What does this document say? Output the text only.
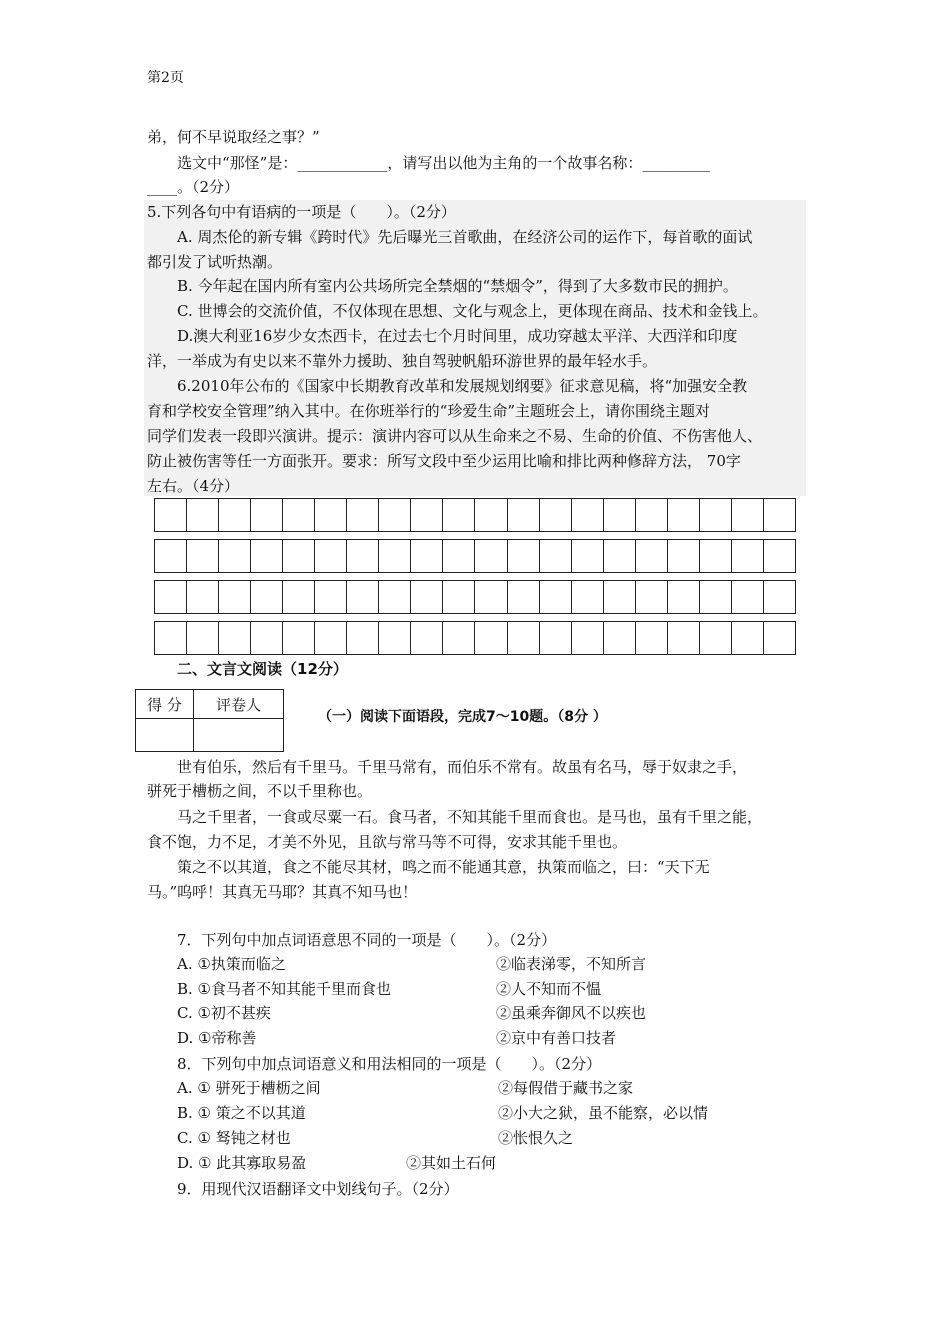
第2页
弟，何不早说取经之事？”
选文中“那怪”是：____________，请写出以他为主角的一个故事名称：_________
____。（2分）
5.下列各句中有语病的一项是（　　）。（2分）
A. 周杰伦的新专辑《跨时代》先后曝光三首歌曲，在经济公司的运作下，每首歌的面试
都引发了试听热潮。
B. 今年起在国内所有室内公共场所完全禁烟的“禁烟令”，得到了大多数市民的拥护。
C. 世博会的交流价值，不仅体现在思想、文化与观念上，更体现在商品、技术和金钱上。
D.澳大利亚16岁少女杰西卡，在过去七个月时间里，成功穿越太平洋、大西洋和印度
洋，一举成为有史以来不靠外力援助、独自驾驶帆船环游世界的最年轻水手。
6.2010年公布的《国家中长期教育改革和发展规划纲要》征求意见稿，将“加强安全教
育和学校安全管理”纳入其中。在你班举行的“珍爱生命”主题班会上，请你围绕主题对
同学们发表一段即兴演讲。提示：演讲内容可以从生命来之不易、生命的价值、不伤害他人、
防止被伤害等任一方面张开。要求：所写文段中至少运用比喻和排比两种修辞方法， 70字
左右。（4分）

二、文言文阅读（12分）
得 分	评卷人

（一）阅读下面语段，完成7～10题。（8分 ）
世有伯乐，然后有千里马。千里马常有，而伯乐不常有。故虽有名马，辱于奴隶之手，
骈死于槽枥之间，不以千里称也。
马之千里者，一食或尽粟一石。食马者，不知其能千里而食也。是马也，虽有千里之能，
食不饱，力不足，才美不外见，且欲与常马等不可得，安求其能千里也。
策之不以其道，食之不能尽其材，鸣之而不能通其意，执策而临之，曰：“天下无
马。”呜呼！其真无马耶？其真不知马也！
7．下列句中加点词语意思不同的一项是（　　）。（2分）
A. ①执策而临之	②临表涕零，不知所言
B. ①食马者不知其能千里而食也	②人不知而不愠
C. ①初不甚疾	②虽乘奔御风不以疾也
D. ①帝称善	②京中有善口技者
8．下列句中加点词语意义和用法相同的一项是（　　）。（2分）
A. ① 骈死于槽枥之间	②每假借于藏书之家
B. ① 策之不以其道	②小大之狱，虽不能察，必以情
C. ① 驽钝之材也	②怅恨久之
D. ① 此其寡取易盈	②其如土石何
9．用现代汉语翻译文中划线句子。（2分）
